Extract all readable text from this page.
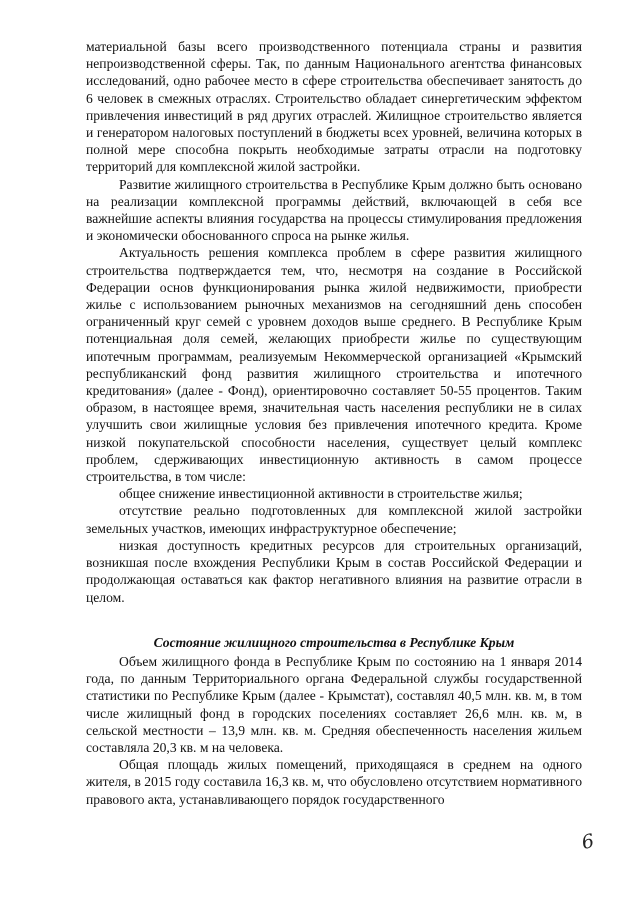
материальной базы всего производственного потенциала страны и развития непроизводственной сферы. Так, по данным Национального агентства финансовых исследований, одно рабочее место в сфере строительства обеспечивает занятость до 6 человек в смежных отраслях. Строительство обладает синергетическим эффектом привлечения инвестиций в ряд других отраслей. Жилищное строительство является и генератором налоговых поступлений в бюджеты всех уровней, величина которых в полной мере способна покрыть необходимые затраты отрасли на подготовку территорий для комплексной жилой застройки.

Развитие жилищного строительства в Республике Крым должно быть основано на реализации комплексной программы действий, включающей в себя все важнейшие аспекты влияния государства на процессы стимулирования предложения и экономически обоснованного спроса на рынке жилья.

Актуальность решения комплекса проблем в сфере развития жилищного строительства подтверждается тем, что, несмотря на создание в Российской Федерации основ функционирования рынка жилой недвижимости, приобрести жилье с использованием рыночных механизмов на сегодняшний день способен ограниченный круг семей с уровнем доходов выше среднего. В Республике Крым потенциальная доля семей, желающих приобрести жилье по существующим ипотечным программам, реализуемым Некоммерческой организацией «Крымский республиканский фонд развития жилищного строительства и ипотечного кредитования» (далее - Фонд), ориентировочно составляет 50-55 процентов. Таким образом, в настоящее время, значительная часть населения республики не в силах улучшить свои жилищные условия без привлечения ипотечного кредита. Кроме низкой покупательской способности населения, существует целый комплекс проблем, сдерживающих инвестиционную активность в самом процессе строительства, в том числе:

общее снижение инвестиционной активности в строительстве жилья;

отсутствие реально подготовленных для комплексной жилой застройки земельных участков, имеющих инфраструктурное обеспечение;

низкая доступность кредитных ресурсов для строительных организаций, возникшая после вхождения Республики Крым в состав Российской Федерации и продолжающая оставаться как фактор негативного влияния на развитие отрасли в целом.

Состояние жилищного строительства в Республике Крым

Объем жилищного фонда в Республике Крым по состоянию на 1 января 2014 года, по данным Территориального органа Федеральной службы государственной статистики по Республике Крым (далее - Крымстат), составлял 40,5 млн. кв. м, в том числе жилищный фонд в городских поселениях составляет 26,6 млн. кв. м, в сельской местности – 13,9 млн. кв. м. Средняя обеспеченность населения жильем составляла 20,3 кв. м на человека.

Общая площадь жилых помещений, приходящаяся в среднем на одного жителя, в 2015 году составила 16,3 кв. м, что обусловлено отсутствием нормативного правового акта, устанавливающего порядок государственного

6
